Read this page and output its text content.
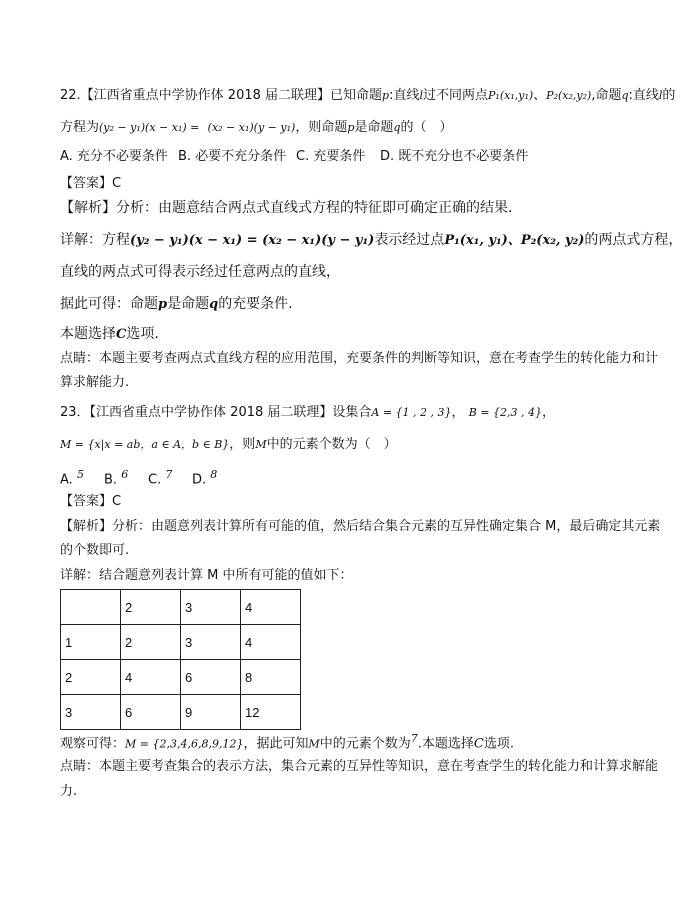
22.【江西省重点中学协作体 2018 届二联理】已知命题p:直线l过不同两点P₁(x₁,y₁)、P₂(x₂,y₂),命题q:直线l的
方程为(y₂ − y₁)(x − x₁) = (x₂ − x₁)(y − y₁)，则命题p是命题q的（　）
A. 充分不必要条件 B. 必要不充分条件 C. 充要条件 D. 既不充分也不必要条件
【答案】C
【解析】分析：由题意结合两点式直线式方程的特征即可确定正确的结果.
详解：方程(y₂ − y₁)(x − x₁) = (x₂ − x₁)(y − y₁)表示经过点P₁(x₁, y₁)、P₂(x₂, y₂)的两点式方程，
直线的两点式可得表示经过任意两点的直线，
据此可得：命题p是命题q的充要条件.
本题选择C选项.
点睛：本题主要考查两点式直线方程的应用范围，充要条件的判断等知识，意在考查学生的转化能力和计
算求解能力.
23．【江西省重点中学协作体 2018 届二联理】设集合A = {1 , 2 , 3}， B = {2,3 , 4}，
M = {x|x = ab，a ∈ A，b ∈ B}，则M中的元素个数为（　）
A. $^5$ B. $^6$ C. $^7$ D. $^8$
【答案】C
【解析】分析：由题意列表计算所有可能的值，然后结合集合元素的互异性确定集合 M，最后确定其元素
的个数即可.
详解：结合题意列表计算 M 中所有可能的值如下：
	2	3	4
1	2	3	4
2	4	6	8
3	6	9	12
观察可得：M = {2,3,4,6,8,9,12}，据此可知M中的元素个数为$^7$.本题选择C选项.
点睛：本题主要考查集合的表示方法，集合元素的互异性等知识，意在考查学生的转化能力和计算求解能
力.
